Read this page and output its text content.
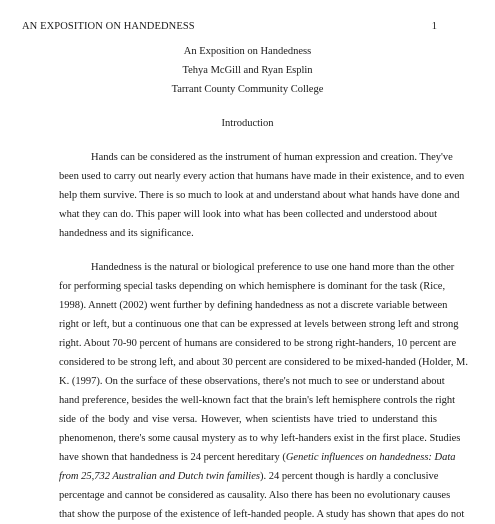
AN EXPOSITION ON HANDEDNESS	1
An Exposition on Handedness
Tehya McGill and Ryan Esplin
Tarrant County Community College
Introduction
Hands can be considered as the instrument of human expression and creation. They've
been used to carry out nearly every action that humans have made in their existence, and to even
help them survive. There is so much to look at and understand about what hands have done and
what they can do. This paper will look into what has been collected and understood about
handedness and its significance.
Handedness is the natural or biological preference to use one hand more than the other
for performing special tasks depending on which hemisphere is dominant for the task (Rice,
1998). Annett (2002) went further by defining handedness as not a discrete variable between
right or left, but a continuous one that can be expressed at levels between strong left and strong
right. About 70-90 percent of humans are considered to be strong right-handers, 10 percent are
considered to be strong left, and about 30 percent are considered to be mixed-handed (Holder, M.
K. (1997). On the surface of these observations, there's not much to see or understand about
hand preference, besides the well-known fact that the brain's left hemisphere controls the right
side of the body and vise versa. However, when scientists have tried to understand this
phenomenon, there's some causal mystery as to why left-handers exist in the first place. Studies
have shown that handedness is 24 percent hereditary (Genetic influences on handedness: Data
from 25,732 Australian and Dutch twin families). 24 percent though is hardly a conclusive
percentage and cannot be considered as causality. Also there has been no evolutionary causes
that show the purpose of the existence of left-handed people. A study has shown that apes do not
